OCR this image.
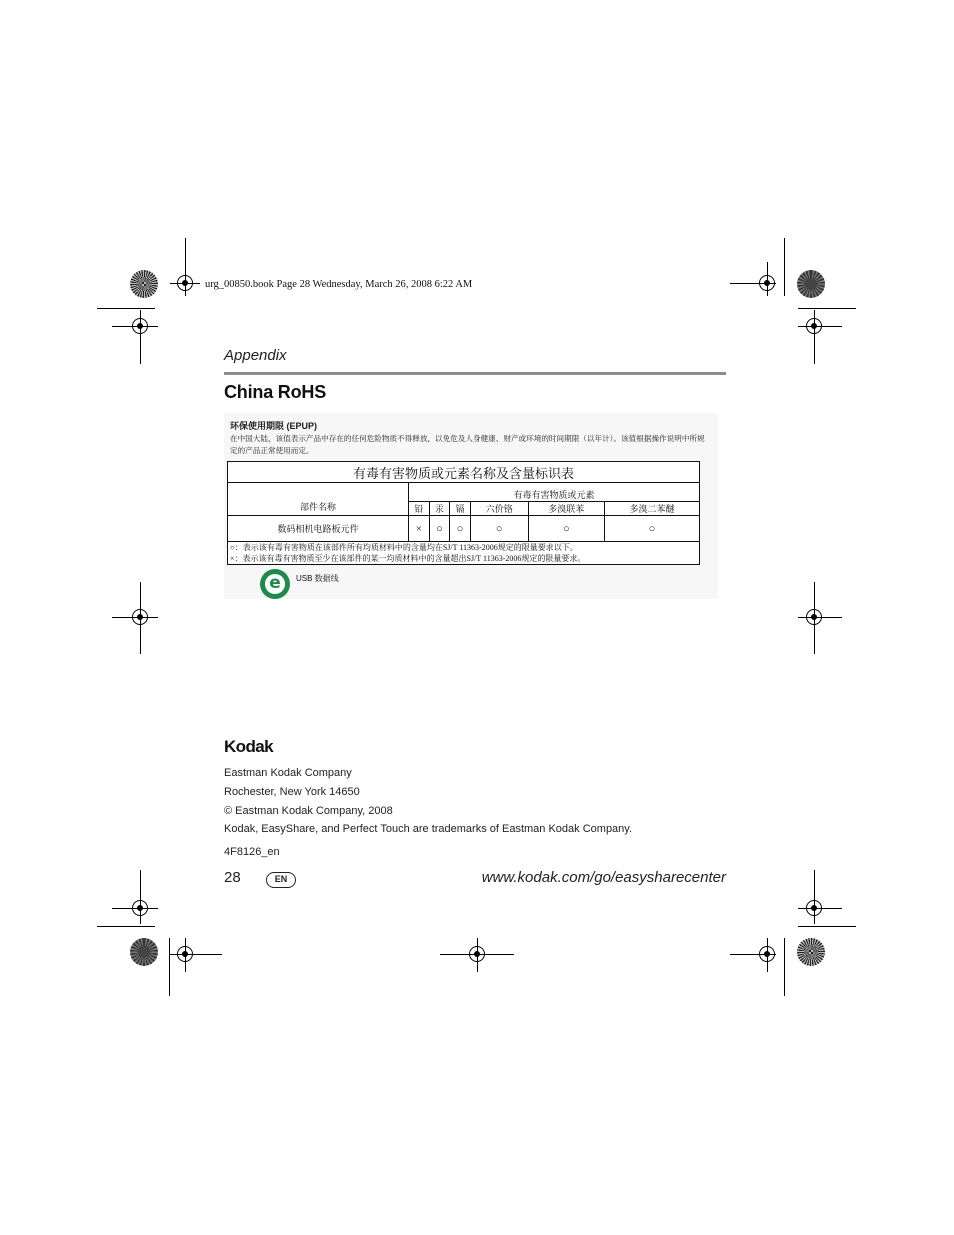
urg_00850.book Page 28 Wednesday, March 26, 2008 6:22 AM
Appendix
China RoHS
环保使用期限 (EPUP)
在中国大陆，该值表示产品中存在的任何危险物质不得释放，以免危及人身健康、财产或环境的时间期限（以年计）。该值根据操作说明中所规定的产品正常使用而定。
有毒有害物质或元素名称及含量标识表						
部件名称	有毒有害物质或元素					
	铅	汞	镉	六价铬	多溴联苯	多溴二苯醚
数码相机电路板元件	×	○	○	○	○	○

○：表示该有毒有害物质在该部件所有均质材料中的含量均在SJ/T 11363-2006规定的限量要求以下。
×：表示该有毒有害物质至少在该部件的某一均质材料中的含量超出SJ/T 11363-2006规定的限量要求。						
e	USB 数据线
Kodak
Eastman Kodak Company
Rochester, New York 14650
© Eastman Kodak Company, 2008
Kodak, EasyShare, and Perfect Touch are trademarks of Eastman Kodak Company.
4F8126_en
28	EN	www.kodak.com/go/easysharecenter
